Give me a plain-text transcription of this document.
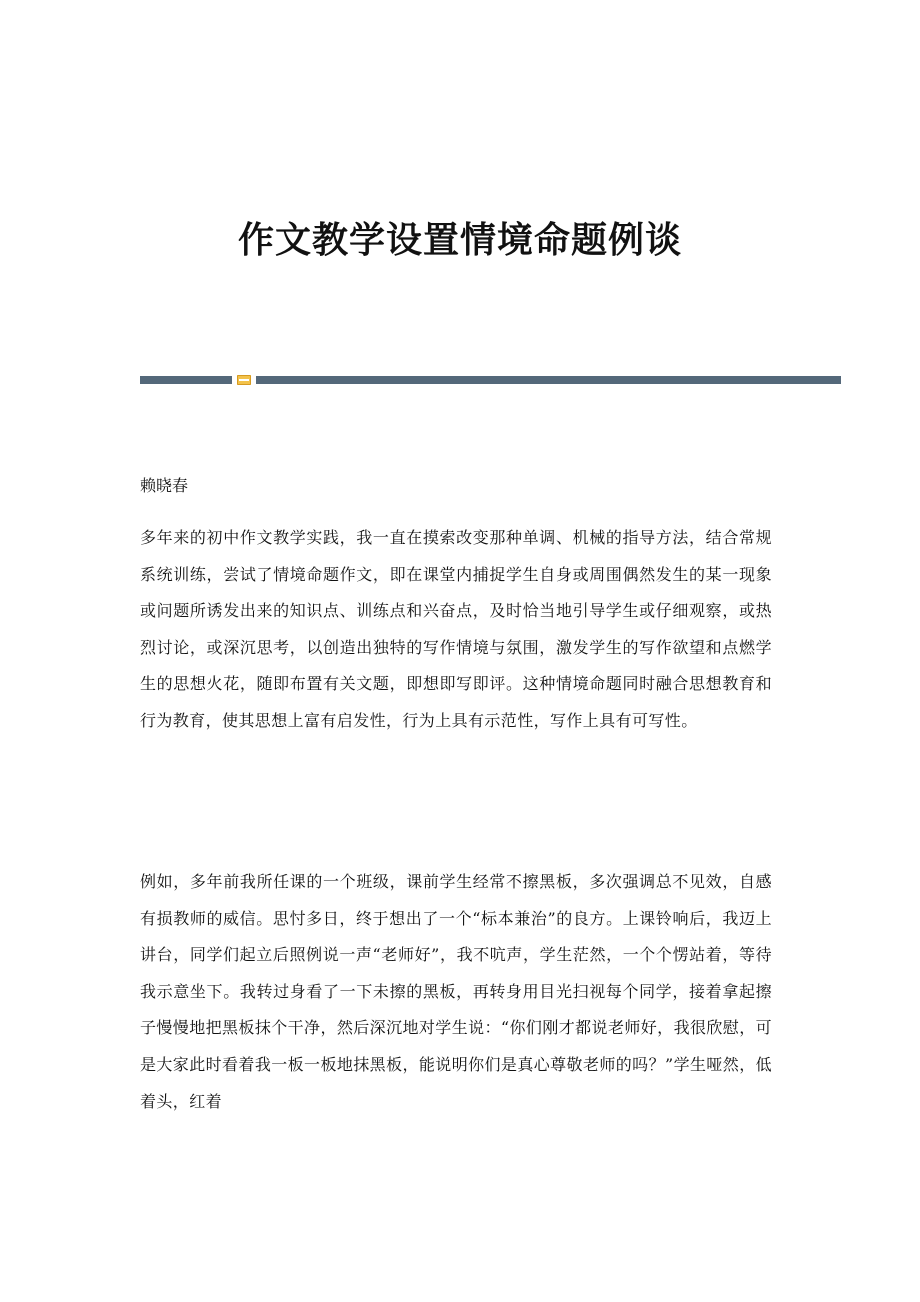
作文教学设置情境命题例谈

赖晓春

多年来的初中作文教学实践，我一直在摸索改变那种单调、机械的指导方法，结合常规系统训练，尝试了情境命题作文，即在课堂内捕捉学生自身或周围偶然发生的某一现象或问题所诱发出来的知识点、训练点和兴奋点，及时恰当地引导学生或仔细观察，或热烈讨论，或深沉思考，以创造出独特的写作情境与氛围，激发学生的写作欲望和点燃学生的思想火花，随即布置有关文题，即想即写即评。这种情境命题同时融合思想教育和行为教育，使其思想上富有启发性，行为上具有示范性，写作上具有可写性。

例如，多年前我所任课的一个班级，课前学生经常不擦黑板，多次强调总不见效，自感有损教师的威信。思忖多日，终于想出了一个“标本兼治”的良方。上课铃响后，我迈上讲台，同学们起立后照例说一声“老师好”，我不吭声，学生茫然，一个个愣站着，等待我示意坐下。我转过身看了一下未擦的黑板，再转身用目光扫视每个同学，接着拿起擦子慢慢地把黑板抹个干净，然后深沉地对学生说：“你们刚才都说老师好，我很欣慰，可是大家此时看着我一板一板地抹黑板，能说明你们是真心尊敬老师的吗？”学生哑然，低着头，红着
